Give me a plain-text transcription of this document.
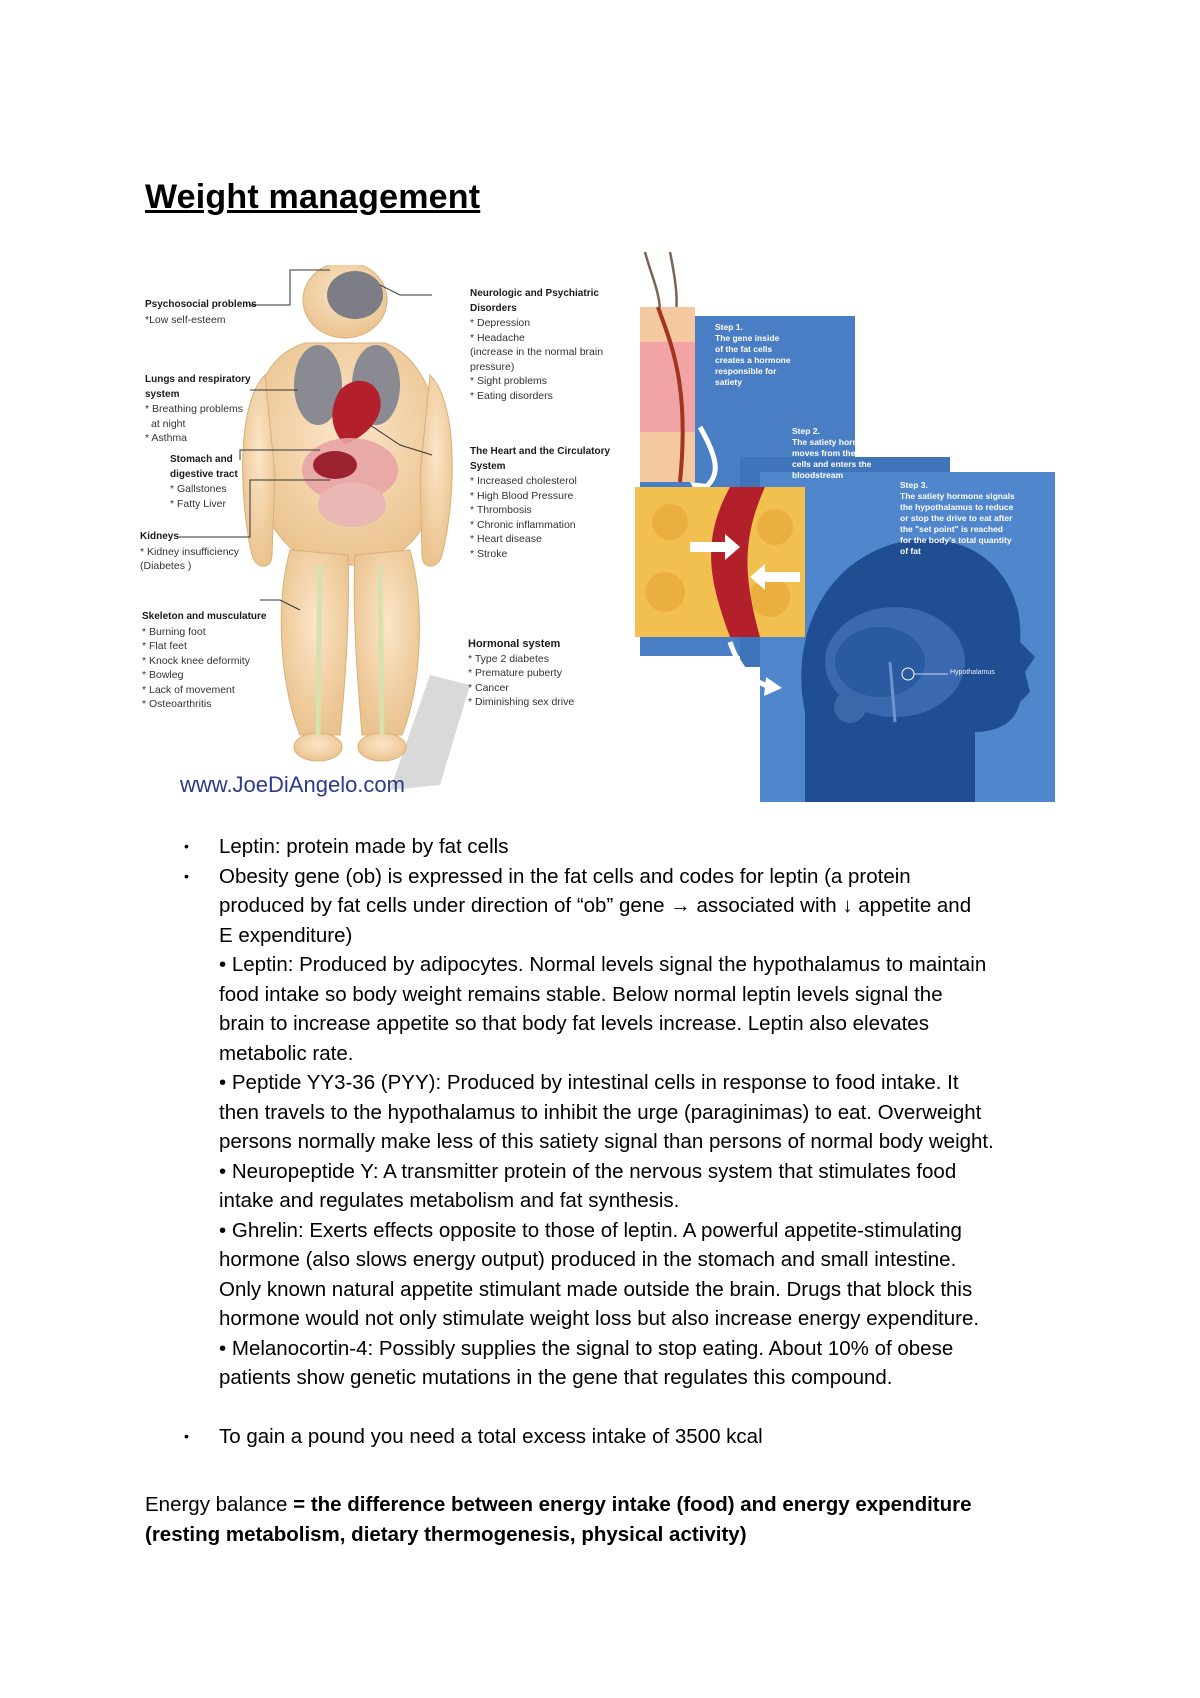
Weight management
Psychosocial problems
*Low self-esteem
Lungs and respiratory
system
* Breathing problems
at night
* Asthma
Stomach and
digestive tract
* Gallstones
* Fatty Liver
Kidneys
* Kidney insufficiency
(Diabetes )
Skeleton and musculature
* Burning foot
* Flat feet
* Knock knee deformity
* Bowleg
* Lack of movement
* Osteoarthritis
Neurologic and Psychiatric
Disorders
* Depression
* Headache
(increase in the normal brain
pressure)
* Sight problems
* Eating disorders
The Heart and the Circulatory
System
* Increased cholesterol
* High Blood Pressure
* Thrombosis
* Chronic inflammation
* Heart disease
* Stroke
Hormonal system
* Type 2 diabetes
* Premature puberty
* Cancer
* Diminishing sex drive
www.JoeDiAngelo.com
Step 1.
The gene inside
of the fat cells
creates a hormone
responsible for
satiety
Step 2.
The satiety hormone
moves from the fat
cells and enters the
bloodstream
Step 3.
The satiety hormone signals
the hypothalamus to reduce
or stop the drive to eat after
the "set point" is reached
for the body's total quantity
of fat
Hypothalamus
• Leptin: protein made by fat cells
• Obesity gene (ob) is expressed in the fat cells and codes for leptin (a protein
produced by fat cells under direction of “ob” gene → associated with ↓ appetite and
E expenditure)
• Leptin: Produced by adipocytes. Normal levels signal the hypothalamus to maintain
food intake so body weight remains stable. Below normal leptin levels signal the
brain to increase appetite so that body fat levels increase. Leptin also elevates
metabolic rate.
• Peptide YY3-36 (PYY): Produced by intestinal cells in response to food intake. It
then travels to the hypothalamus to inhibit the urge (paraginimas) to eat. Overweight
persons normally make less of this satiety signal than persons of normal body weight.
• Neuropeptide Y: A transmitter protein of the nervous system that stimulates food
intake and regulates metabolism and fat synthesis.
• Ghrelin: Exerts effects opposite to those of leptin. A powerful appetite-stimulating
hormone (also slows energy output) produced in the stomach and small intestine.
Only known natural appetite stimulant made outside the brain. Drugs that block this
hormone would not only stimulate weight loss but also increase energy expenditure.
• Melanocortin-4: Possibly supplies the signal to stop eating. About 10% of obese
patients show genetic mutations in the gene that regulates this compound.
• To gain a pound you need a total excess intake of 3500 kcal
Energy balance = the difference between energy intake (food) and energy expenditure
(resting metabolism, dietary thermogenesis, physical activity)
